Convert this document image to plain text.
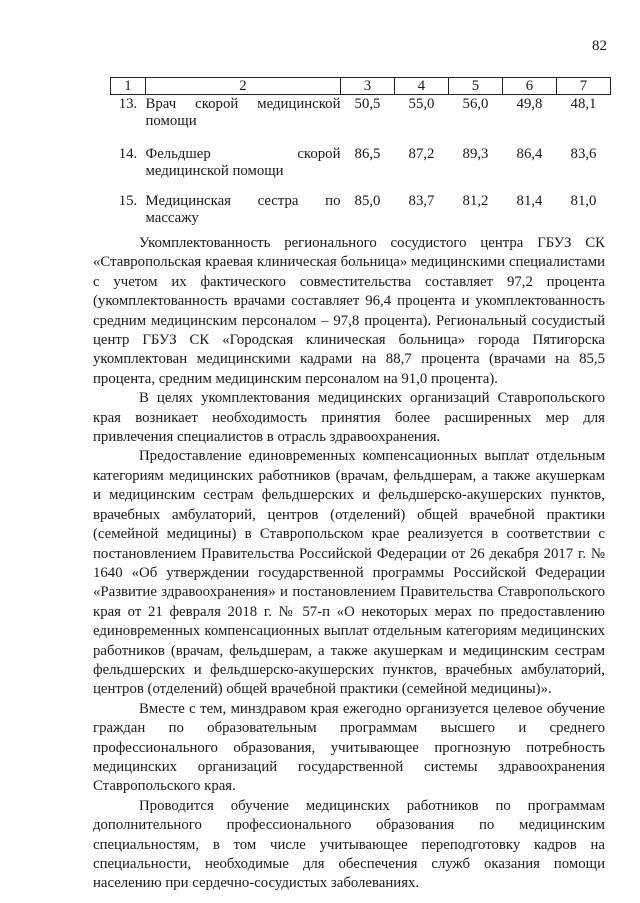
82
1	2	3	4	5	6	7
13.	Врач скорой медицинской помощи	50,5	55,0	56,0	49,8	48,1
14.	Фельдшер скорой медицинской помощи	86,5	87,2	89,3	86,4	83,6
15.	Медицинская сестра по массажу	85,0	83,7	81,2	81,4	81,0

Укомплектованность регионального сосудистого центра ГБУЗ СК «Ставропольская краевая клиническая больница» медицинскими специалистами с учетом их фактического совместительства составляет 97,2 процента (укомплектованность врачами составляет 96,4 процента и укомплектованность средним медицинским персоналом – 97,8 процента). Региональный сосудистый центр ГБУЗ СК «Городская клиническая больница» города Пятигорска укомплектован медицинскими кадрами на 88,7 процента (врачами на 85,5 процента, средним медицинским персоналом на 91,0 процента).

В целях укомплектования медицинских организаций Ставропольского края возникает необходимость принятия более расширенных мер для привлечения специалистов в отрасль здравоохранения.

Предоставление единовременных компенсационных выплат отдельным категориям медицинских работников (врачам, фельдшерам, а также акушеркам и медицинским сестрам фельдшерских и фельдшерско-акушерских пунктов, врачебных амбулаторий, центров (отделений) общей врачебной практики (семейной медицины) в Ставропольском крае реализуется в соответствии с постановлением Правительства Российской Федерации от 26 декабря 2017 г. № 1640 «Об утверждении государственной программы Российской Федерации «Развитие здравоохранения» и постановлением Правительства Ставропольского края от 21 февраля 2018 г. № 57-п «О некоторых мерах по предоставлению единовременных компенсационных выплат отдельным категориям медицинских работников (врачам, фельдшерам, а также акушеркам и медицинским сестрам фельдшерских и фельдшерско-акушерских пунктов, врачебных амбулаторий, центров (отделений) общей врачебной практики (семейной медицины)».

Вместе с тем, минздравом края ежегодно организуется целевое обучение граждан по образовательным программам высшего и среднего профессионального образования, учитывающее прогнозную потребность медицинских организаций государственной системы здравоохранения Ставропольского края.

Проводится обучение медицинских работников по программам дополнительного профессионального образования по медицинским специальностям, в том числе учитывающее переподготовку кадров на специальности, необходимые для обеспечения служб оказания помощи населению при сердечно-сосудистых заболеваниях.
